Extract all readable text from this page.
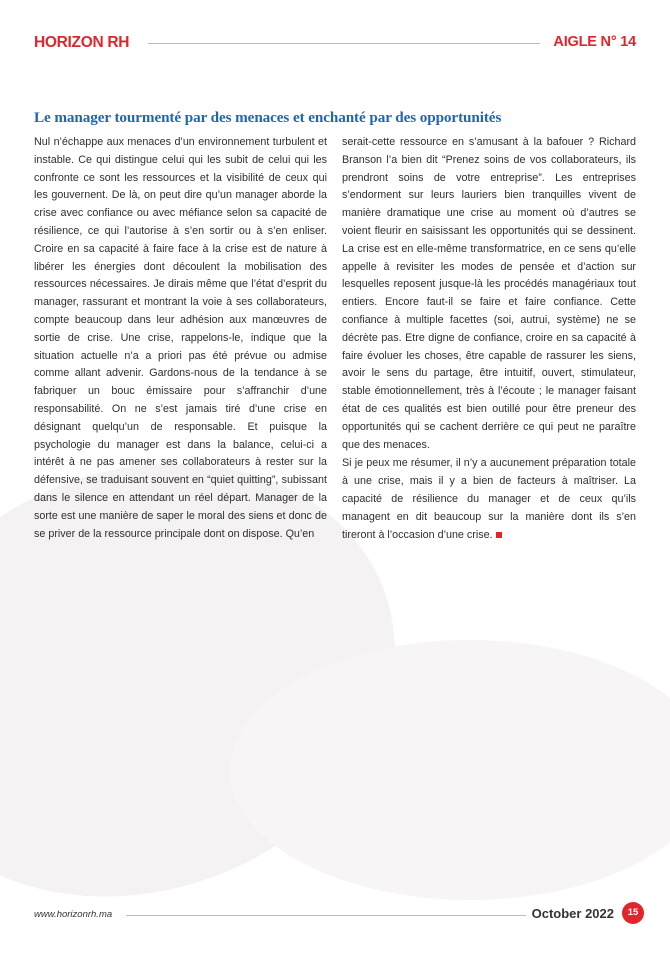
HORIZON RH	AIGLE N° 14
Le manager tourmenté par des menaces et enchanté par des opportunités

Nul n’échappe aux menaces d’un environnement turbulent et instable. Ce qui distingue celui qui les subit de celui qui les confronte ce sont les ressources et la visibilité de ceux qui les gouvernent. De là, on peut dire qu’un manager aborde la crise avec confiance ou avec méfiance selon sa capacité de résilience, ce qui l’autorise à s’en sortir ou à s’en enliser. Croire en sa capacité à faire face à la crise est de nature à libérer les énergies dont découlent la mobilisation des ressources nécessaires. Je dirais même que l’état d’esprit du manager, rassurant et montrant la voie à ses collaborateurs, compte beaucoup dans leur adhésion aux manœuvres de sortie de crise. Une crise, rappelons-le, indique que la situation actuelle n’a a priori pas été prévue ou admise comme allant advenir. Gardons-nous de la tendance à se fabriquer un bouc émissaire pour s’affranchir d’une responsabilité. On ne s’est jamais tiré d’une crise en désignant quelqu’un de responsable. Et puisque la psychologie du manager est dans la balance, celui-ci a intérêt à ne pas amener ses collaborateurs à rester sur la défensive, se traduisant souvent en “quiet quitting”, subissant dans le silence en attendant un réel départ. Manager de la sorte est une manière de saper le moral des siens et donc de se priver de la ressource principale dont on dispose. Qu’en

serait-cette ressource en s’amusant à la bafouer ? Richard Branson l’a bien dit “Prenez soins de vos collaborateurs, ils prendront soins de votre entreprise”. Les entreprises s’endorment sur leurs lauriers bien tranquilles vivent de manière dramatique une crise au moment où d’autres se voient fleurir en saisissant les opportunités qui se dessinent. La crise est en elle-même transformatrice, en ce sens qu’elle appelle à revisiter les modes de pensée et d’action sur lesquelles reposent jusque-là les procédés managériaux tout entiers. Encore faut-il se faire et faire confiance. Cette confiance à multiple facettes (soi, autrui, système) ne se décrète pas. Etre digne de confiance, croire en sa capacité à faire évoluer les choses, être capable de rassurer les siens, avoir le sens du partage, être intuitif, ouvert, stimulateur, stable émotionnellement, très à l’écoute ; le manager faisant état de ces qualités est bien outillé pour être preneur des opportunités qui se cachent derrière ce qui peut ne paraître que des menaces.

Si je peux me résumer, il n’y a aucunement préparation totale à une crise, mais il y a bien de facteurs à maîtriser. La capacité de résilience du manager et de ceux qu’ils managent en dit beaucoup sur la manière dont ils s’en tireront à l’occasion d’une crise.

www.horizonrh.ma	October 2022	15
